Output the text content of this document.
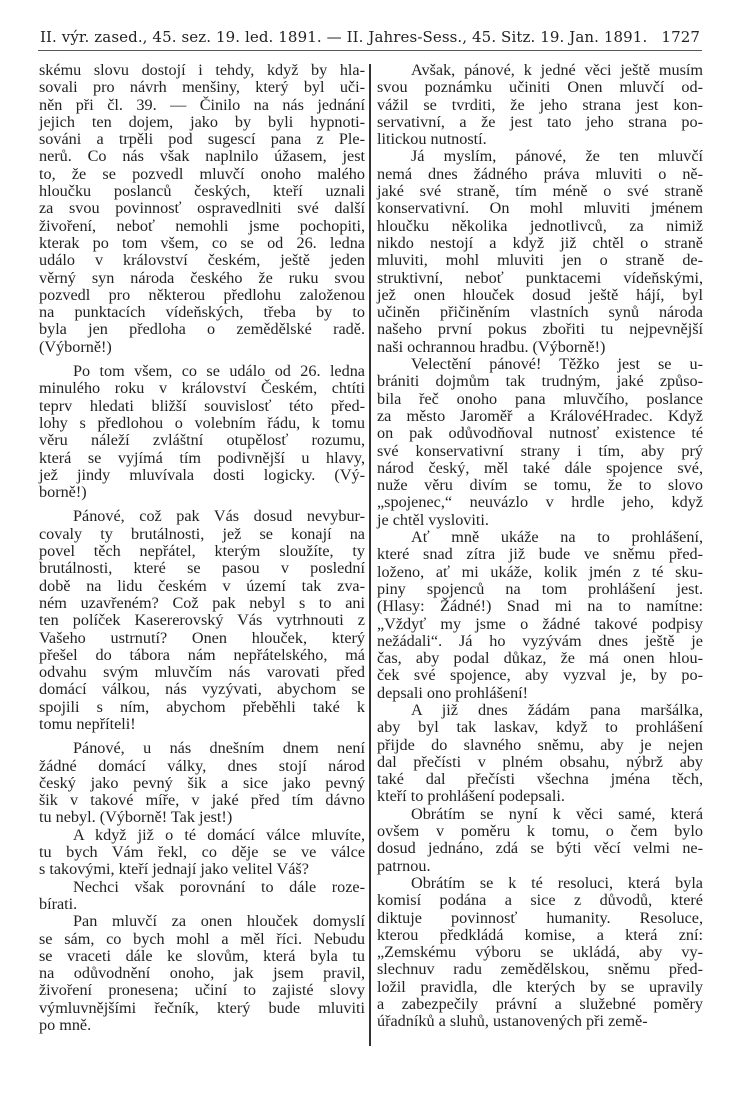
II. výr. zased., 45. sez. 19. led. 1891. — II. Jahres-Sess., 45. Sitz. 19. Jan. 1891. 1727
skému slovu dostojí i tehdy, když by hla-
sovali pro návrh menšiny, který byl uči-
něn při čl. 39. — Činilo na nás jednání
jejich ten dojem, jako by byli hypnoti-
sováni a trpěli pod sugescí pana z Ple-
nerů. Co nás však naplnilo úžasem, jest
to, že se pozvedl mluvčí onoho malého
hloučku poslanců českých, kteří uznali
za svou povinnosť ospravedlniti své další
živoření, neboť nemohli jsme pochopiti,
kterak po tom všem, co se od 26. ledna
událo v království českém, ještě jeden
věrný syn národa českého že ruku svou
pozvedl pro některou předlohu založenou
na punktacích vídeňských, třeba by to
byla jen předloha o zemědělské radě.
(Výborně!)
Po tom všem, co se událo od 26. ledna
minulého roku v království Českém, chtíti
teprv hledati bližší souvislosť této před-
lohy s předlohou o volebním řádu, k tomu
věru náleží zvláštní otupělosť rozumu,
která se vyjímá tím podivnější u hlavy,
jež jindy mluvívala dosti logicky. (Vý-
borně!)
Pánové, což pak Vás dosud nevybur-
covaly ty brutálnosti, jež se konají na
povel těch nepřátel, kterým sloužíte, ty
brutálnosti, které se pasou v poslední
době na lidu českém v území tak zva-
ném uzavřeném? Což pak nebyl s to ani
ten políček Kasererovský Vás vytrhnouti z
Vašeho ustrnutí? Onen hlouček, který
přešel do tábora nám nepřátelského, má
odvahu svým mluvčím nás varovati před
domácí válkou, nás vyzývati, abychom se
spojili s ním, abychom přeběhli také k
tomu nepříteli!
Pánové, u nás dnešním dnem není
žádné domácí války, dnes stojí národ
český jako pevný šik a sice jako pevný
šik v takové míře, v jaké před tím dávno
tu nebyl. (Výborně! Tak jest!)
A když již o té domácí válce mluvíte,
tu bych Vám řekl, co děje se ve válce
s takovými, kteří jednají jako velitel Váš?
Nechci však porovnání to dále roze-
bírati.
Pan mluvčí za onen hlouček domyslí
se sám, co bych mohl a měl říci. Nebudu
se vraceti dále ke slovům, která byla tu
na odůvodnění onoho, jak jsem pravil,
živoření pronesena; učiní to zajisté slovy
výmluvnějšími řečník, který bude mluviti
po mně.
Avšak, pánové, k jedné věci ještě musím
svou poznámku učiniti Onen mluvčí od-
vážil se tvrditi, že jeho strana jest kon-
servativní, a že jest tato jeho strana po-
litickou nutností.
Já myslím, pánové, že ten mluvčí
nemá dnes žádného práva mluviti o ně-
jaké své straně, tím méně o své straně
konservativní. On mohl mluviti jménem
hloučku několika jednotlivců, za nimiž
nikdo nestojí a když již chtěl o straně
mluviti, mohl mluviti jen o straně de-
struktivní, neboť punktacemi vídeňskými,
jež onen hlouček dosud ještě hájí, byl
učiněn přičiněním vlastních synů národa
našeho první pokus zbořiti tu nejpevnější
naši ochrannou hradbu. (Výborně!)
Velectění pánové! Těžko jest se u-
brániti dojmům tak trudným, jaké způso-
bila řeč onoho pana mluvčího, poslance
za město Jaroměř a KrálovéHradec. Když
on pak odůvodňoval nutnosť existence té
své konservativní strany i tím, aby prý
národ český, měl také dále spojence své,
nuže věru divím se tomu, že to slovo
„spojenec,“ neuvázlo v hrdle jeho, když
je chtěl vysloviti.
Ať mně ukáže na to prohlášení,
které snad zítra již bude ve sněmu před-
loženo, ať mi ukáže, kolik jmén z té sku-
piny spojenců na tom prohlášení jest.
(Hlasy: Žádné!) Snad mi na to namítne:
„Vždyť my jsme o žádné takové podpisy
nežádali“. Já ho vyzývám dnes ještě je
čas, aby podal důkaz, že má onen hlou-
ček své spojence, aby vyzval je, by po-
depsali ono prohlášení!
A již dnes žádám pana maršálka,
aby byl tak laskav, když to prohlášení
přijde do slavného sněmu, aby je nejen
dal přečísti v plném obsahu, nýbrž aby
také dal přečísti všechna jména těch,
kteří to prohlášení podepsali.
Obrátím se nyní k věci samé, která
ovšem v poměru k tomu, o čem bylo
dosud jednáno, zdá se býti věcí velmi ne-
patrnou.
Obrátím se k té resoluci, která byla
komisí podána a sice z důvodů, které
diktuje povinnosť humanity. Resoluce,
kterou předkládá komise, a která zní:
„Zemskému výboru se ukládá, aby vy-
slechnuv radu zemědělskou, sněmu před-
ložil pravidla, dle kterých by se upravily
a zabezpečily právní a služebné poměry
úřadníků a sluhů, ustanovených při země-
